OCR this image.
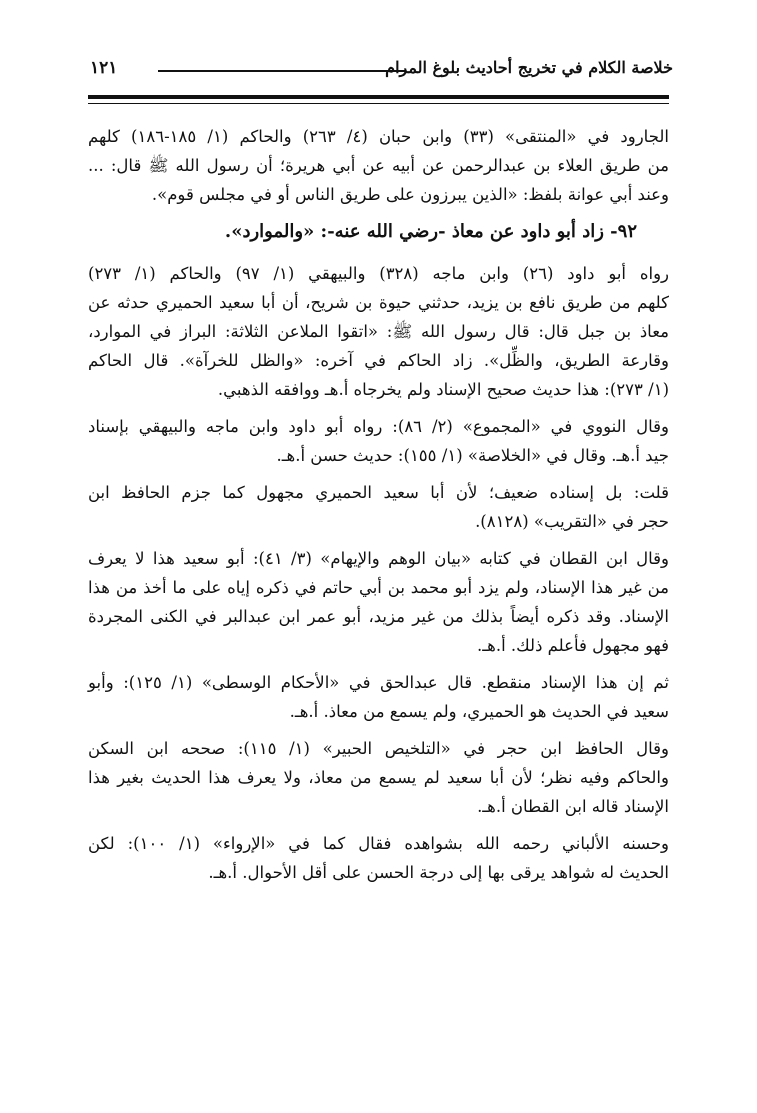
خلاصة الكلام في تخريج أحاديث بلوغ المرام
١٢١
الجارود في «المنتقى» (٣٣) وابن حبان (٤/ ٢٦٣) والحاكم (١/ ١٨٥-١٨٦) كلهم
من طريق العلاء بن عبدالرحمن عن أبيه عن أبي هريرة؛ أن رسول الله ﷺ قال: ...
وعند أبي عوانة بلفظ: «الذين يبرزون على طريق الناس أو في مجلس قوم».
٩٢- زاد أبو داود عن معاذ -رضي الله عنه-: «والموارد».
رواه أبو داود (٢٦) وابن ماجه (٣٢٨) والبيهقي (١/ ٩٧) والحاكم (١/ ٢٧٣)
كلهم من طريق نافع بن يزيد، حدثني حيوة بن شريح، أن أبا سعيد الحميري حدثه عن
معاذ بن جبل قال: قال رسول الله ﷺ: «اتقوا الملاعن الثلاثة: البراز في الموارد،
وقارعة الطريق، والظِّل». زاد الحاكم في آخره: «والظل للخرآة». قال الحاكم
(١/ ٢٧٣): هذا حديث صحيح الإسناد ولم يخرجاه أ.هـ ووافقه الذهبي.
وقال النووي في «المجموع» (٢/ ٨٦): رواه أبو داود وابن ماجه والبيهقي بإسناد
جيد أ.هـ. وقال في «الخلاصة» (١/ ١٥٥): حديث حسن أ.هـ.
قلت: بل إسناده ضعيف؛ لأن أبا سعيد الحميري مجهول كما جزم الحافظ ابن
حجر في «التقريب» (٨١٢٨).
وقال ابن القطان في كتابه «بيان الوهم والإيهام» (٣/ ٤١): أبو سعيد هذا لا يعرف
من غير هذا الإسناد، ولم يزد أبو محمد بن أبي حاتم في ذكره إياه على ما أخذ من هذا
الإسناد. وقد ذكره أيضاً بذلك من غير مزيد، أبو عمر ابن عبدالبر في الكنى المجردة
فهو مجهول فأعلم ذلك. أ.هـ.
ثم إن هذا الإسناد منقطع. قال عبدالحق في «الأحكام الوسطى» (١/ ١٢٥): وأبو
سعيد في الحديث هو الحميري، ولم يسمع من معاذ. أ.هـ.
وقال الحافظ ابن حجر في «التلخيص الحبير» (١/ ١١٥): صححه ابن السكن
والحاكم وفيه نظر؛ لأن أبا سعيد لم يسمع من معاذ، ولا يعرف هذا الحديث بغير هذا
الإسناد قاله ابن القطان أ.هـ.
وحسنه الألباني رحمه الله بشواهده فقال كما في «الإرواء» (١/ ١٠٠): لكن
الحديث له شواهد يرقى بها إلى درجة الحسن على أقل الأحوال. أ.هـ.
